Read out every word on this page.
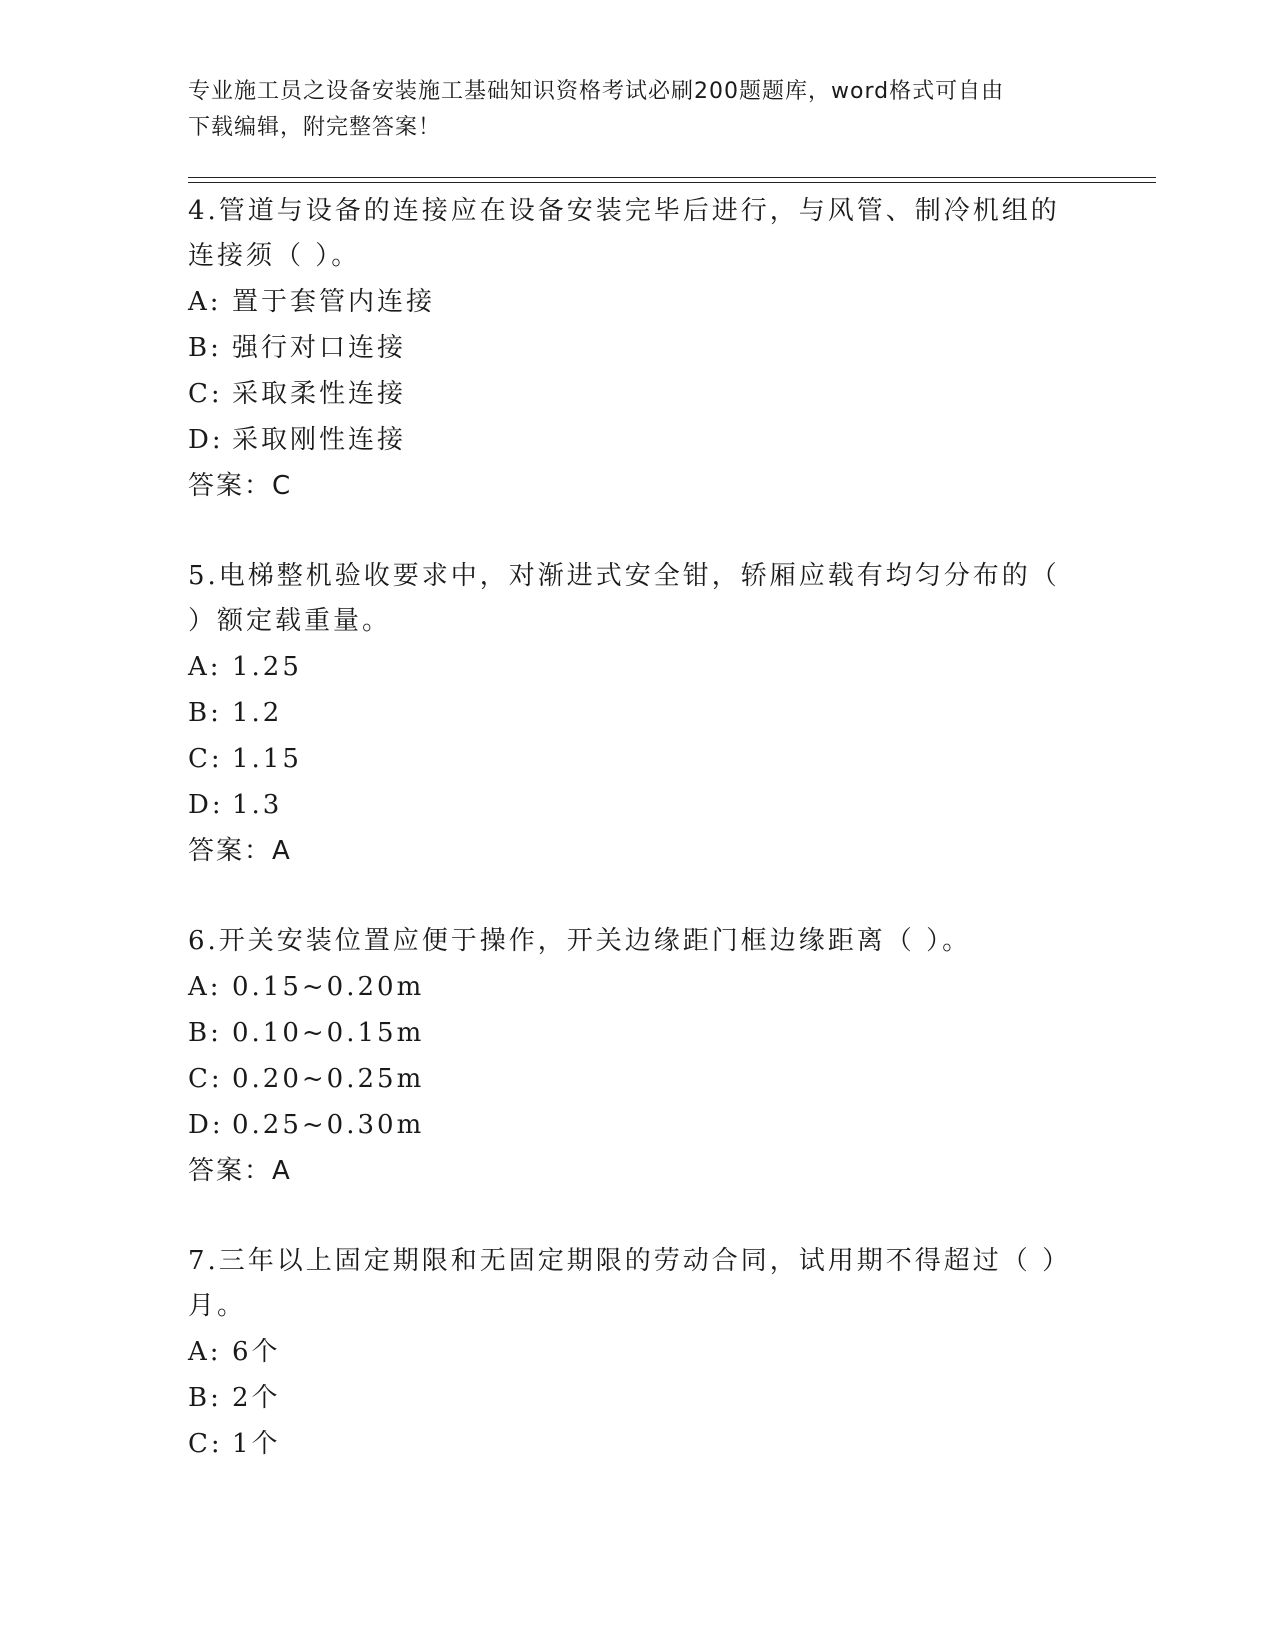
专业施工员之设备安装施工基础知识资格考试必刷200题题库，word格式可自由
下载编辑，附完整答案！
4.管道与设备的连接应在设备安装完毕后进行，与风管、制冷机组的
连接须（ ）。
A: 置于套管内连接
B: 强行对口连接
C: 采取柔性连接
D: 采取刚性连接
答案：C
5.电梯整机验收要求中，对渐进式安全钳，轿厢应载有均匀分布的（
）额定载重量。
A: 1.25
B: 1.2
C: 1.15
D: 1.3
答案：A
6.开关安装位置应便于操作，开关边缘距门框边缘距离（ ）。
A: 0.15~0.20m
B: 0.10~0.15m
C: 0.20~0.25m
D: 0.25~0.30m
答案：A
7.三年以上固定期限和无固定期限的劳动合同，试用期不得超过（ ）
月。
A: 6个
B: 2个
C: 1个
